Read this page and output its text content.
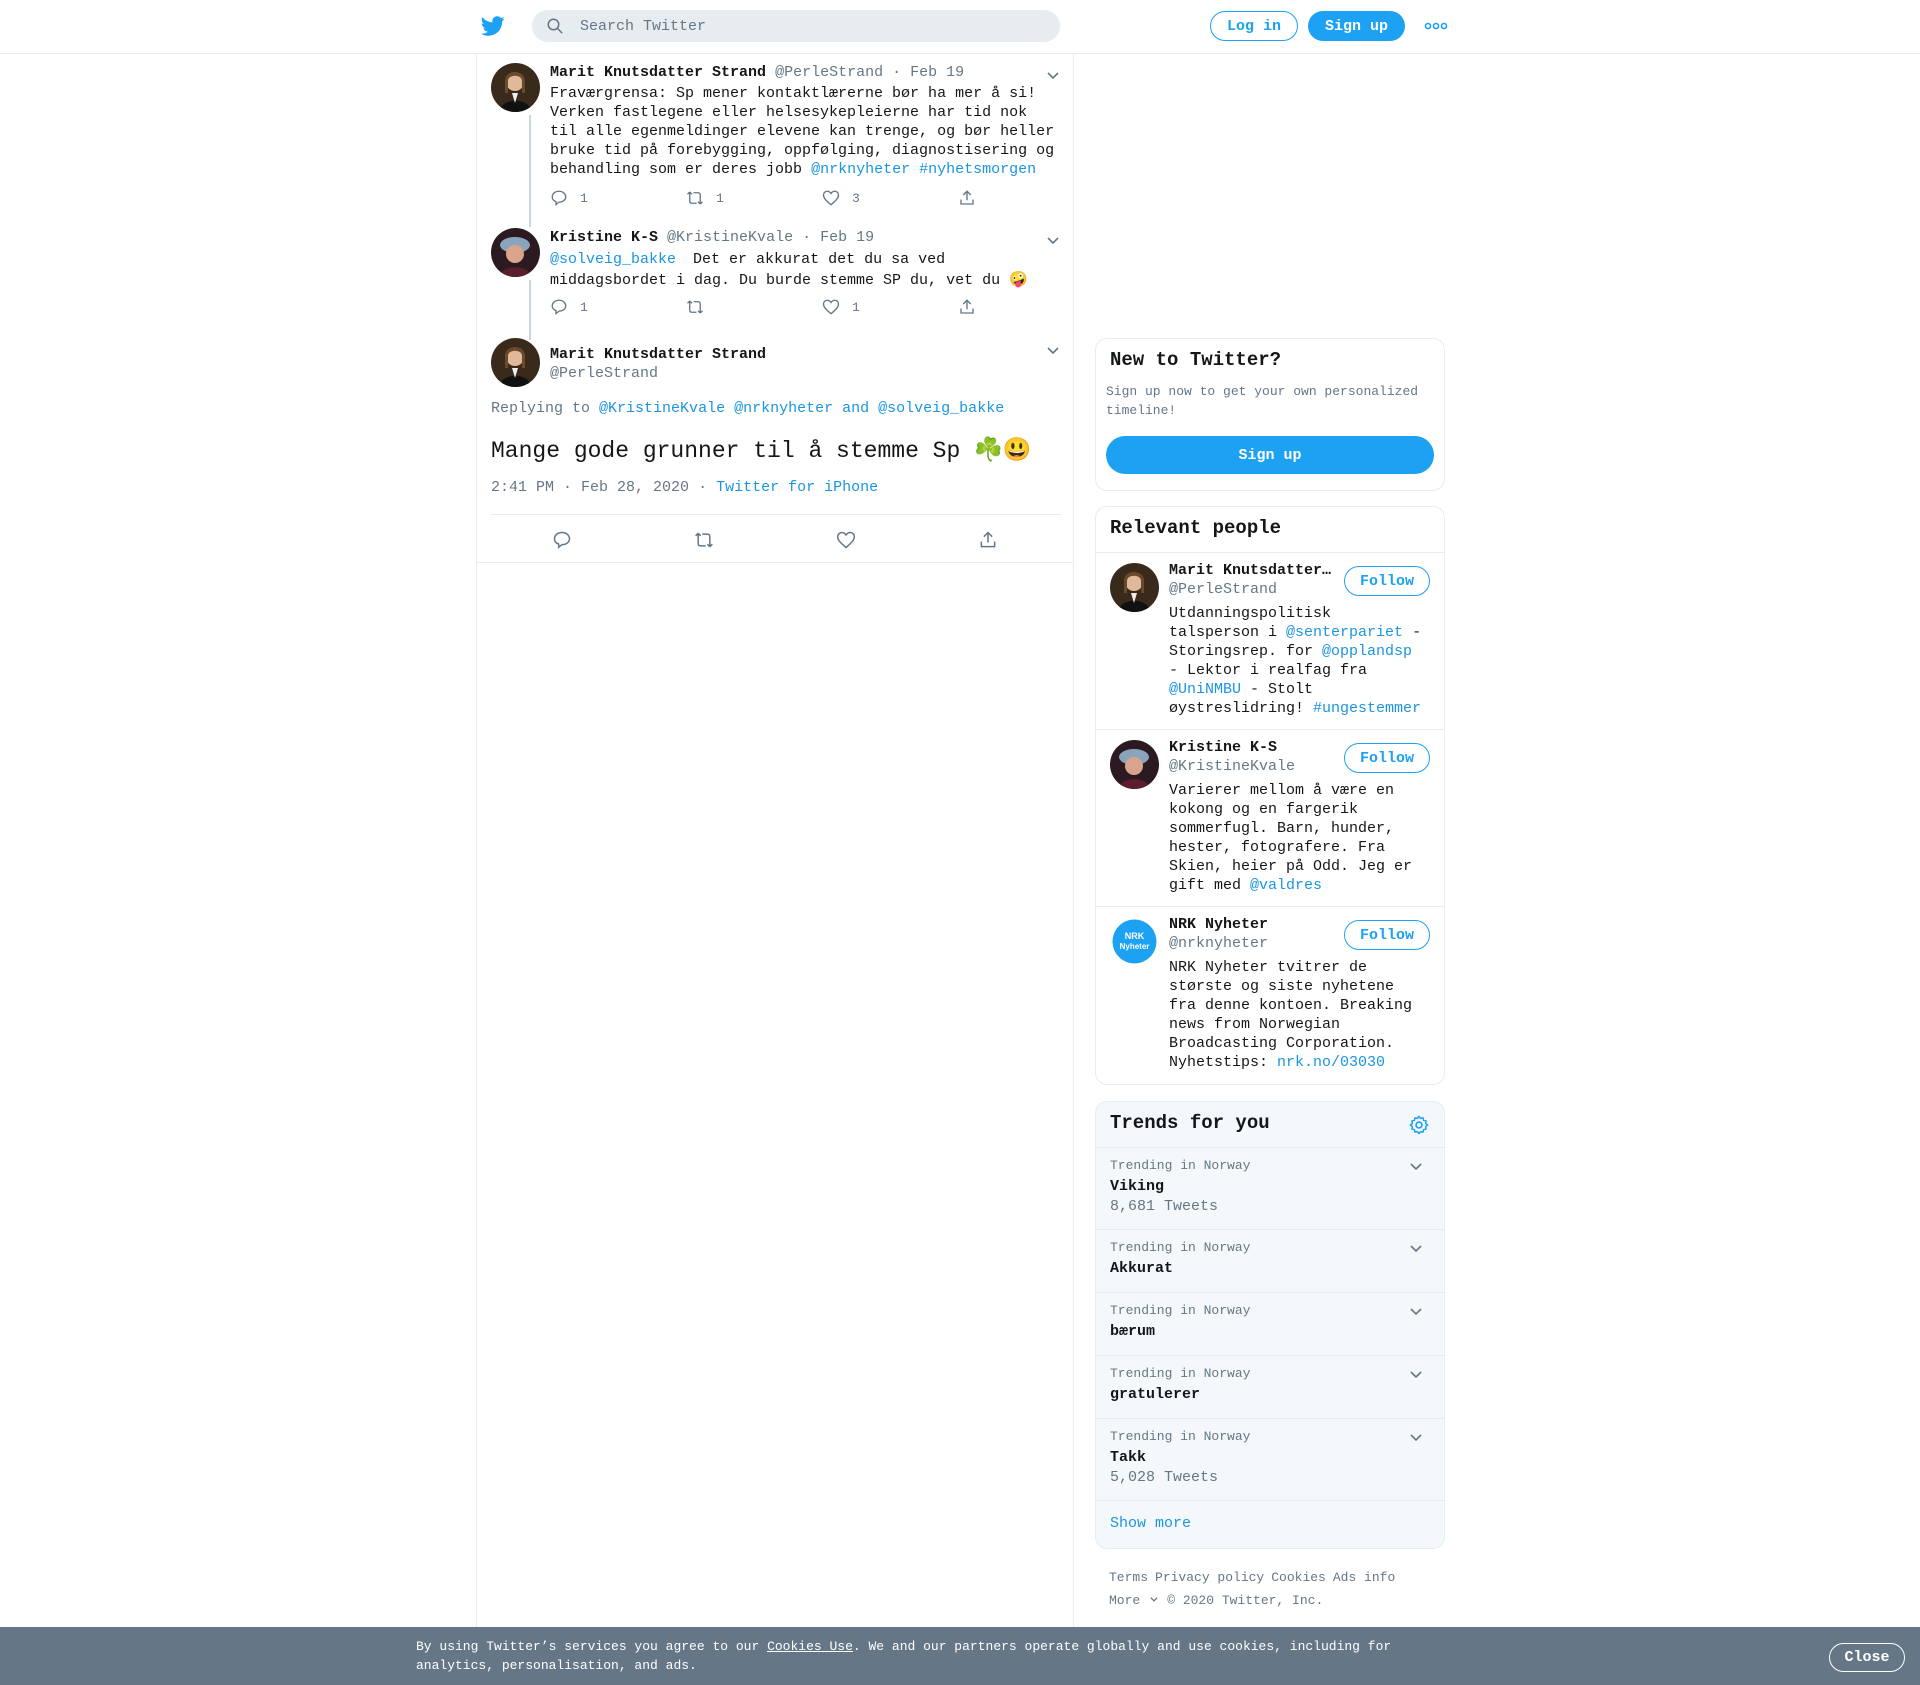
Search Twitter
Log in	Sign up
Marit Knutsdatter Strand @PerleStrand · Feb 19
Fraværgrensa: Sp mener kontaktlærerne bør ha mer å si! Verken fastlegene eller helsesykepleierne har tid nok til alle egenmeldinger elevene kan trenge, og bør heller bruke tid på forebygging, oppfølging, diagnostisering og behandling som er deres jobb @nrknyheter #nyhetsmorgen
1	1	3
Kristine K-S @KristineKvale · Feb 19
@solveig_bakke Det er akkurat det du sa ved middagsbordet i dag. Du burde stemme SP du, vet du 🤪
1	1
Marit Knutsdatter Strand
@PerleStrand
Replying to @KristineKvale @nrknyheter and @solveig_bakke
Mange gode grunner til å stemme Sp ☘️😃
2:41 PM · Feb 28, 2020 · Twitter for iPhone
New to Twitter?
Sign up now to get your own personalized timeline!
Sign up
Relevant people
Marit Knutsdatter…
@PerleStrand
Utdanningspolitisk talsperson i @senterpariet - Storingsrep. for @opplandsp - Lektor i realfag fra @UniNMBU - Stolt øystreslidring! #ungestemmer
Follow
Kristine K-S
@KristineKvale
Varierer mellom å være en kokong og en fargerik sommerfugl. Barn, hunder, hester, fotografere. Fra Skien, heier på Odd. Jeg er gift med @valdres
Follow
NRK
Nyheter
NRK Nyheter
@nrknyheter
NRK Nyheter tvitrer de største og siste nyhetene fra denne kontoen. Breaking news from Norwegian Broadcasting Corporation. Nyhetstips: nrk.no/03030
Follow
Trends for you
Trending in Norway
Viking
8,681 Tweets
Trending in Norway
Akkurat
Trending in Norway
bærum
Trending in Norway
gratulerer
Trending in Norway
Takk
5,028 Tweets
Show more
Terms Privacy policy Cookies Ads info
More © 2020 Twitter, Inc.
By using Twitter’s services you agree to our Cookies Use. We and our partners operate globally and use cookies, including for analytics, personalisation, and ads.	Close
